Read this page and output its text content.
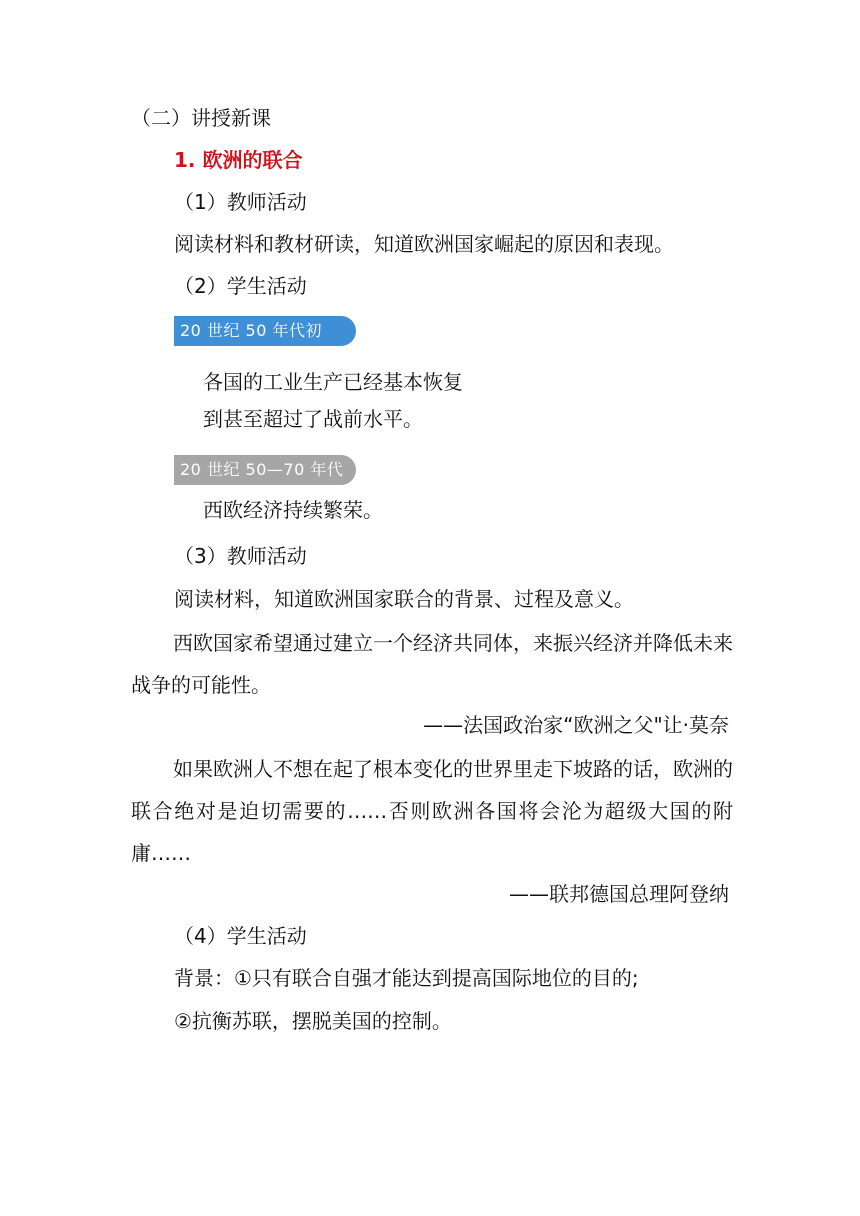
（二）讲授新课

1. 欧洲的联合

（1）教师活动

阅读材料和教材研读，知道欧洲国家崛起的原因和表现。

（2）学生活动

20 世纪 50 年代初

各国的工业生产已经基本恢复

到甚至超过了战前水平。

20 世纪 50—70 年代

西欧经济持续繁荣。

（3）教师活动

阅读材料，知道欧洲国家联合的背景、过程及意义。

西欧国家希望通过建立一个经济共同体，来振兴经济并降低未来战争的可能性。

——法国政治家“欧洲之父"让·莫奈

如果欧洲人不想在起了根本变化的世界里走下坡路的话，欧洲的联合绝对是迫切需要的……否则欧洲各国将会沦为超级大国的附庸……

——联邦德国总理阿登纳

（4）学生活动

背景：①只有联合自强才能达到提高国际地位的目的;

②抗衡苏联，摆脱美国的控制。
